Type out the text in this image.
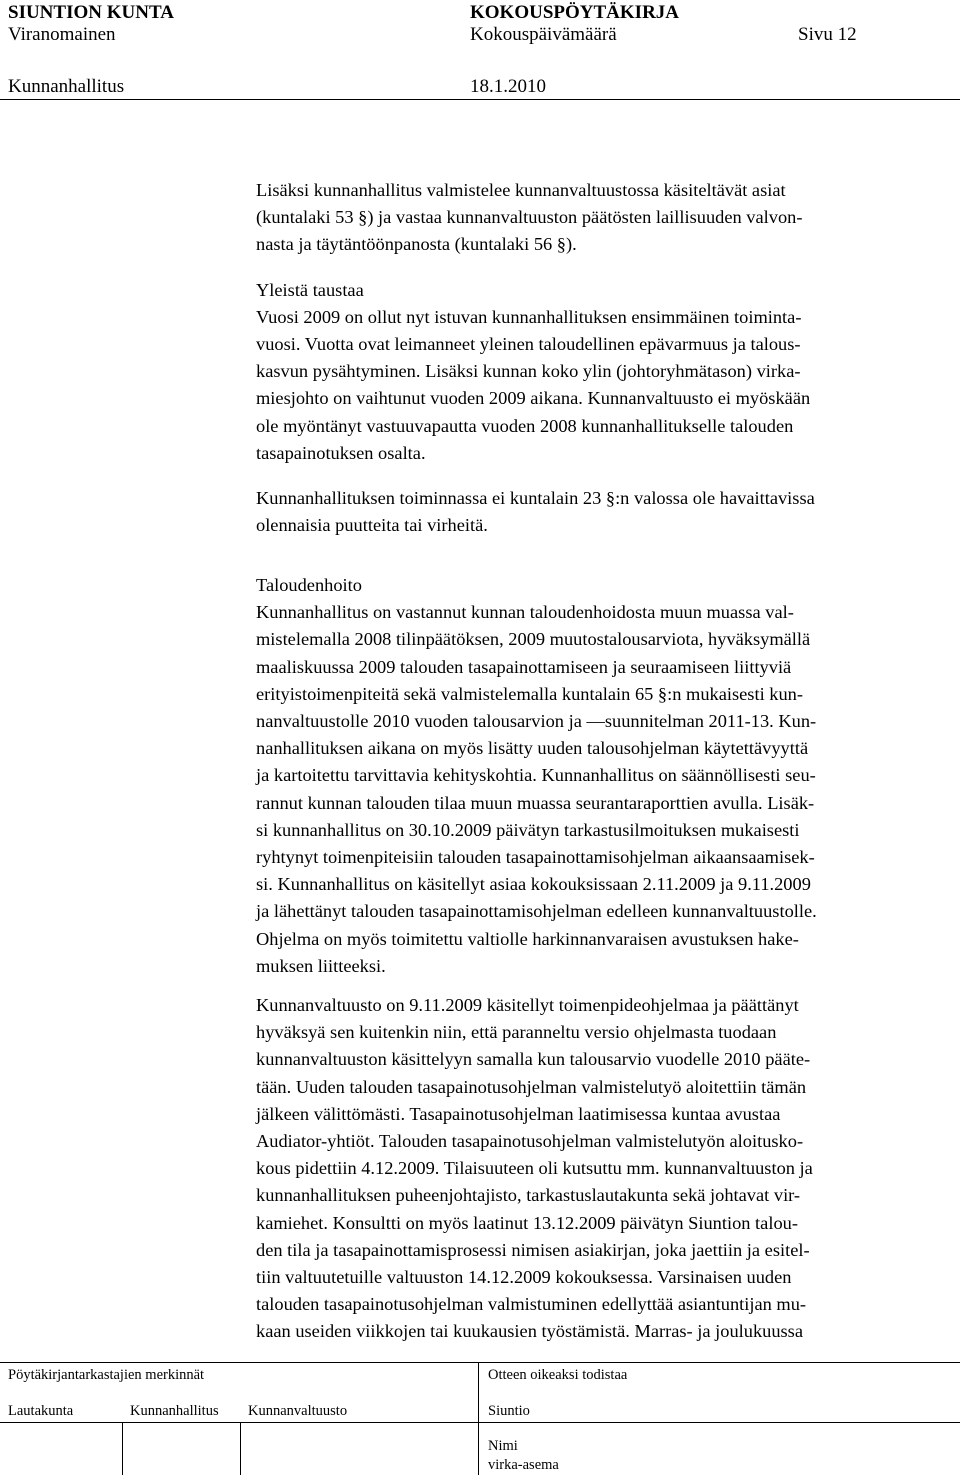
SIUNTION KUNTA	KOKOUSPÖYTÄKIRJA
Viranomainen	Kokouspäivämäärä	Sivu 12
Kunnanhallitus	18.1.2010
Lisäksi kunnanhallitus valmistelee kunnanvaltuustossa käsiteltävät asiat
(kuntalaki 53 §) ja vastaa kunnanvaltuuston päätösten laillisuuden valvon-
nasta ja täytäntöönpanosta (kuntalaki 56 §).
Yleistä taustaa
Vuosi 2009 on ollut nyt istuvan kunnanhallituksen ensimmäinen toiminta-
vuosi. Vuotta ovat leimanneet yleinen taloudellinen epävarmuus ja talous-
kasvun pysähtyminen. Lisäksi kunnan koko ylin (johtoryhmätason) virka-
miesjohto on vaihtunut vuoden 2009 aikana. Kunnanvaltuusto ei myöskään
ole myöntänyt vastuuvapautta vuoden 2008 kunnanhallitukselle talouden
tasapainotuksen osalta.
Kunnanhallituksen toiminnassa ei kuntalain 23 §:n valossa ole havaittavissa
olennaisia puutteita tai virheitä.
Taloudenhoito
Kunnanhallitus on vastannut kunnan taloudenhoidosta muun muassa val-
mistelemalla 2008 tilinpäätöksen, 2009 muutostalousarviota, hyväksymällä
maaliskuussa 2009 talouden tasapainottamiseen ja seuraamiseen liittyviä
erityistoimenpiteitä sekä valmistelemalla kuntalain 65 §:n mukaisesti kun-
nanvaltuustolle 2010 vuoden talousarvion ja —suunnitelman 2011-13. Kun-
nanhallituksen aikana on myös lisätty uuden talousohjelman käytettävyyttä
ja kartoitettu tarvittavia kehityskohtia. Kunnanhallitus on säännöllisesti seu-
rannut kunnan talouden tilaa muun muassa seurantaraporttien avulla. Lisäk-
si kunnanhallitus on 30.10.2009 päivätyn tarkastusilmoituksen mukaisesti
ryhtynyt toimenpiteisiin talouden tasapainottamisohjelman aikaansaamisek-
si. Kunnanhallitus on käsitellyt asiaa kokouksissaan 2.11.2009 ja 9.11.2009
ja lähettänyt talouden tasapainottamisohjelman edelleen kunnanvaltuustolle.
Ohjelma on myös toimitettu valtiolle harkinnanvaraisen avustuksen hake-
muksen liitteeksi.
Kunnanvaltuusto on 9.11.2009 käsitellyt toimenpideohjelmaa ja päättänyt
hyväksyä sen kuitenkin niin, että paranneltu versio ohjelmasta tuodaan
kunnanvaltuuston käsittelyyn samalla kun talousarvio vuodelle 2010 pääte-
tään. Uuden talouden tasapainotusohjelman valmistelutyö aloitettiin tämän
jälkeen välittömästi. Tasapainotusohjelman laatimisessa kuntaa avustaa
Audiator-yhtiöt. Talouden tasapainotusohjelman valmistelutyön aloitusko-
kous pidettiin 4.12.2009. Tilaisuuteen oli kutsuttu mm. kunnanvaltuuston ja
kunnanhallituksen puheenjohtajisto, tarkastuslautakunta sekä johtavat vir-
kamiehet. Konsultti on myös laatinut 13.12.2009 päivätyn Siuntion talou-
den tila ja tasapainottamisprosessi nimisen asiakirjan, joka jaettiin ja esitel-
tiin valtuutetuille valtuuston 14.12.2009 kokouksessa. Varsinaisen uuden
talouden tasapainotusohjelman valmistuminen edellyttää asiantuntijan mu-
kaan useiden viikkojen tai kuukausien työstämistä. Marras- ja joulukuussa
Pöytäkirjantarkastajien merkinnät	Otteen oikeaksi todistaa
Lautakunta	Kunnanhallitus Kunnanvaltuusto	Siuntio
Nimi
virka-asema
